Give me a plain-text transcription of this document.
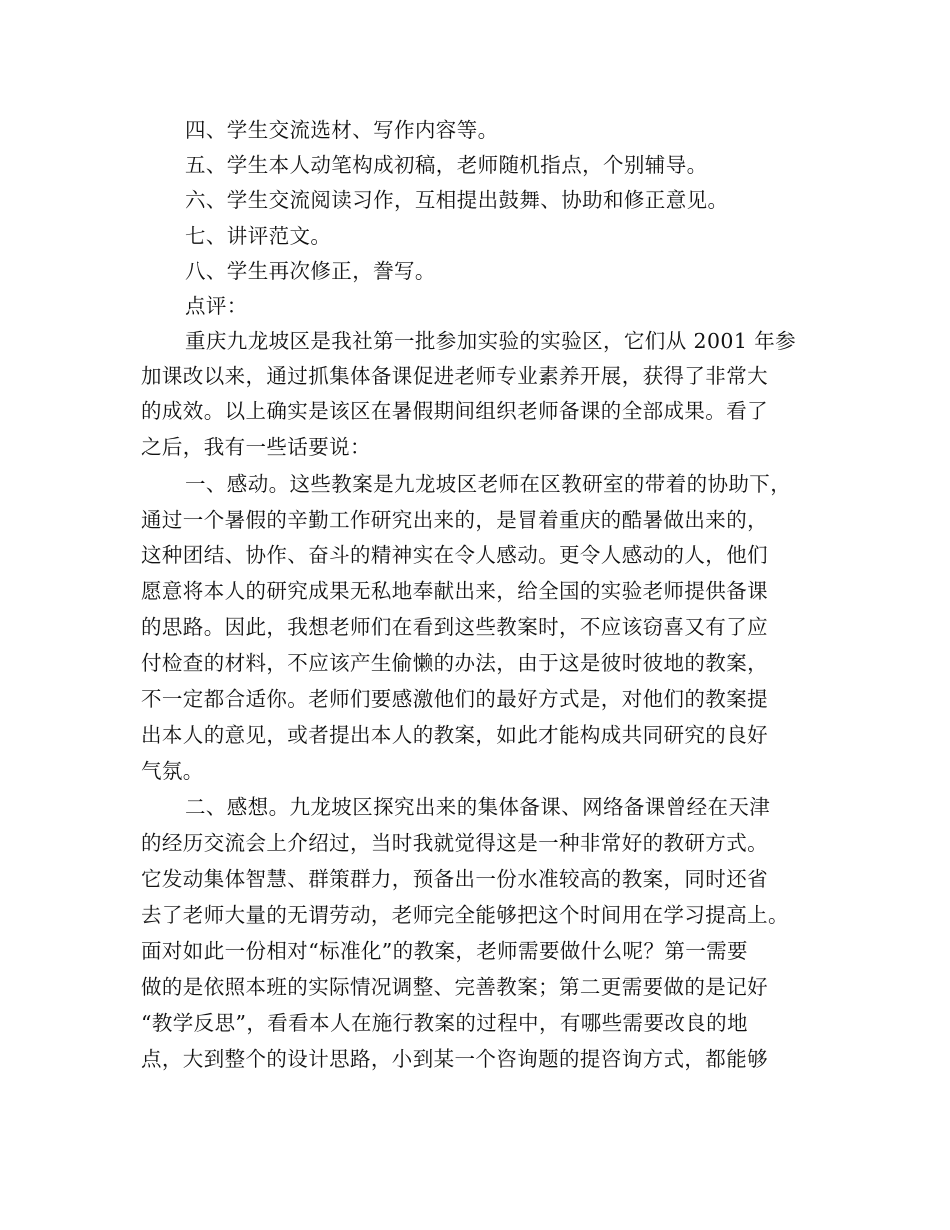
四、学生交流选材、写作内容等。
五、学生本人动笔构成初稿，老师随机指点，个别辅导。
六、学生交流阅读习作，互相提出鼓舞、协助和修正意见。
七、讲评范文。
八、学生再次修正，誊写。
点评：
重庆九龙坡区是我社第一批参加实验的实验区，它们从 2001 年参
加课改以来，通过抓集体备课促进老师专业素养开展，获得了非常大
的成效。以上确实是该区在暑假期间组织老师备课的全部成果。看了
之后，我有一些话要说：
一、感动。这些教案是九龙坡区老师在区教研室的带着的协助下，
通过一个暑假的辛勤工作研究出来的，是冒着重庆的酷暑做出来的，
这种团结、协作、奋斗的精神实在令人感动。更令人感动的人，他们
愿意将本人的研究成果无私地奉献出来，给全国的实验老师提供备课
的思路。因此，我想老师们在看到这些教案时，不应该窃喜又有了应
付检查的材料，不应该产生偷懒的办法，由于这是彼时彼地的教案，
不一定都合适你。老师们要感激他们的最好方式是，对他们的教案提
出本人的意见，或者提出本人的教案，如此才能构成共同研究的良好
气氛。
二、感想。九龙坡区探究出来的集体备课、网络备课曾经在天津
的经历交流会上介绍过，当时我就觉得这是一种非常好的教研方式。
它发动集体智慧、群策群力，预备出一份水准较高的教案，同时还省
去了老师大量的无谓劳动，老师完全能够把这个时间用在学习提高上。
面对如此一份相对“标准化”的教案，老师需要做什么呢？第一需要
做的是依照本班的实际情况调整、完善教案；第二更需要做的是记好
“教学反思”，看看本人在施行教案的过程中，有哪些需要改良的地
点，大到整个的设计思路，小到某一个咨询题的提咨询方式，都能够
